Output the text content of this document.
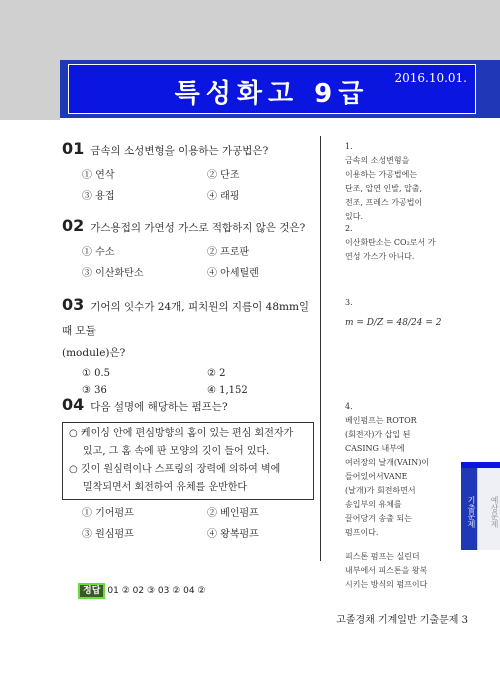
특성화고 9급
2016.10.01.
기계일반	특성화고졸경채
01 금속의 소성변형을 이용하는 가공법은?
① 연삭	② 단조
③ 용접	④ 래핑
02 가스용접의 가연성 가스로 적합하지 않은 것은?
① 수소	② 프로판
③ 이산화탄소	④ 아세틸렌
03 기어의 잇수가 24개, 피치원의 지름이 48mm일 때 모듈
(module)은?
① 0.5	② 2
③ 36	④ 1,152
04 다음 설명에 해당하는 펌프는?
○ 케이싱 안에 편심방향의 홈이 있는 편심 회전자가
있고, 그 홈 속에 판 모양의 깃이 들어 있다.
○ 깃이 원심력이나 스프링의 장력에 의하여 벽에
밀착되면서 회전하여 유체를 운반한다
① 기어펌프	② 베인펌프
③ 원심펌프	④ 왕복펌프
1.
금속의 소성변형을
이용하는 가공법에는
단조, 압연 인발, 압출,
전조, 프레스 가공법이
있다.
2.
이산화탄소는 CO₂로서 가
연성 가스가 아니다.
3.
m = D/Z = 48/24 = 2
4.
베인펌프는 ROTOR
(회전자)가 삽입 된
CASING 내부에
여러장의 날개(VAIN)이
들어있어서VANE
(날개)가 회전하면서
송입부의 유체를
끌어당겨 송출 되는
펌프이다.
피스톤 펌프는 실린더
내부에서 피스톤을 왕복
시키는 방식의 펌프이다
기출문제	예상문제
정답 01 ② 02 ③ 03 ② 04 ②
고졸경채 기계일반 기출문제 3
